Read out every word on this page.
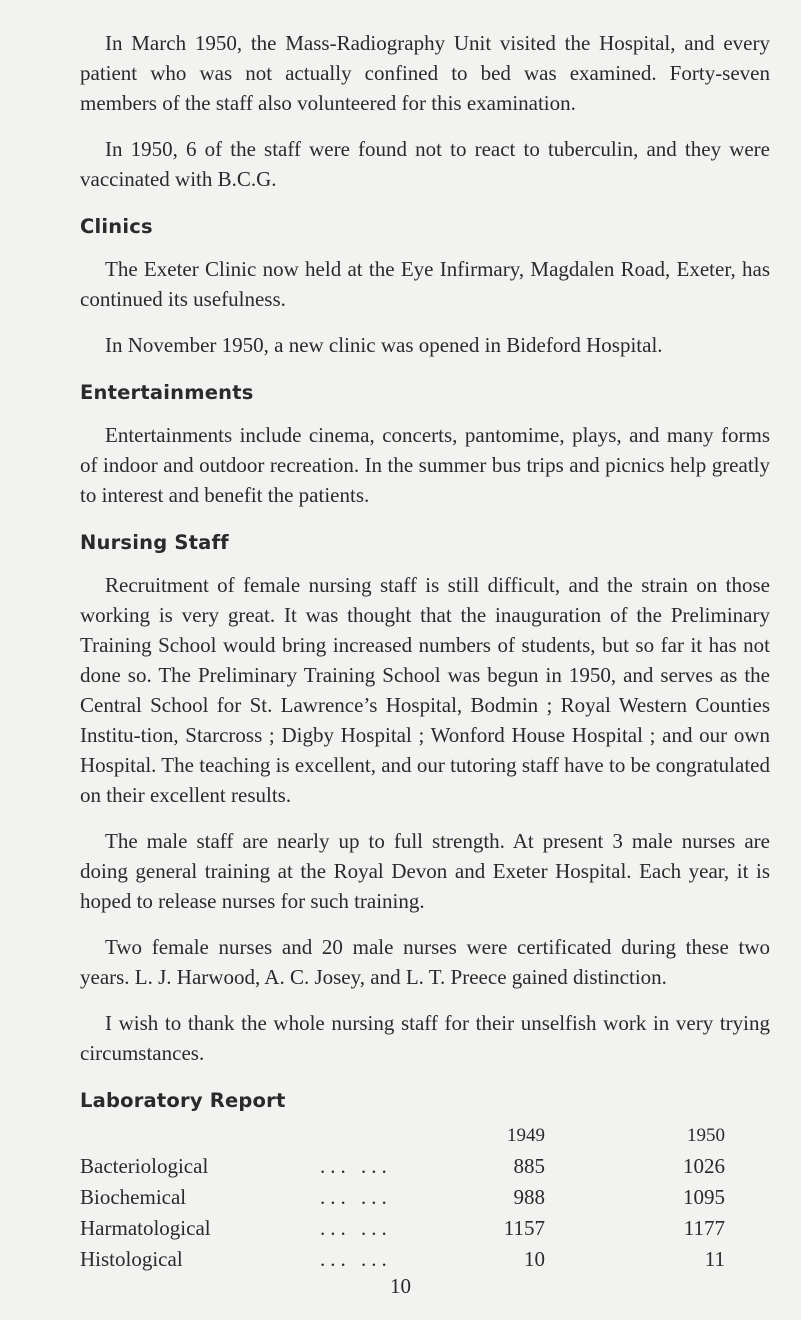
In March 1950, the Mass-Radiography Unit visited the Hospital, and every patient who was not actually confined to bed was examined. Forty-seven members of the staff also volunteered for this examination.

In 1950, 6 of the staff were found not to react to tuberculin, and they were vaccinated with B.C.G.

Clinics

The Exeter Clinic now held at the Eye Infirmary, Magdalen Road, Exeter, has continued its usefulness.

In November 1950, a new clinic was opened in Bideford Hospital.

Entertainments

Entertainments include cinema, concerts, pantomime, plays, and many forms of indoor and outdoor recreation. In the summer bus trips and picnics help greatly to interest and benefit the patients.

Nursing Staff

Recruitment of female nursing staff is still difficult, and the strain on those working is very great. It was thought that the inauguration of the Preliminary Training School would bring increased numbers of students, but so far it has not done so. The Preliminary Training School was begun in 1950, and serves as the Central School for St. Lawrence’s Hospital, Bodmin ; Royal Western Counties Institu-tion, Starcross ; Digby Hospital ; Wonford House Hospital ; and our own Hospital. The teaching is excellent, and our tutoring staff have to be congratulated on their excellent results.

The male staff are nearly up to full strength. At present 3 male nurses are doing general training at the Royal Devon and Exeter Hospital. Each year, it is hoped to release nurses for such training.

Two female nurses and 20 male nurses were certificated during these two years. L. J. Harwood, A. C. Josey, and L. T. Preece gained distinction.

I wish to thank the whole nursing staff for their unselfish work in very trying circumstances.

Laboratory Report
		1949	1950
Bacteriological	... ...	885	1026
Biochemical	... ...	988	1095
Harmatological	... ...	1157	1177
Histological	... ...	10	11
10
